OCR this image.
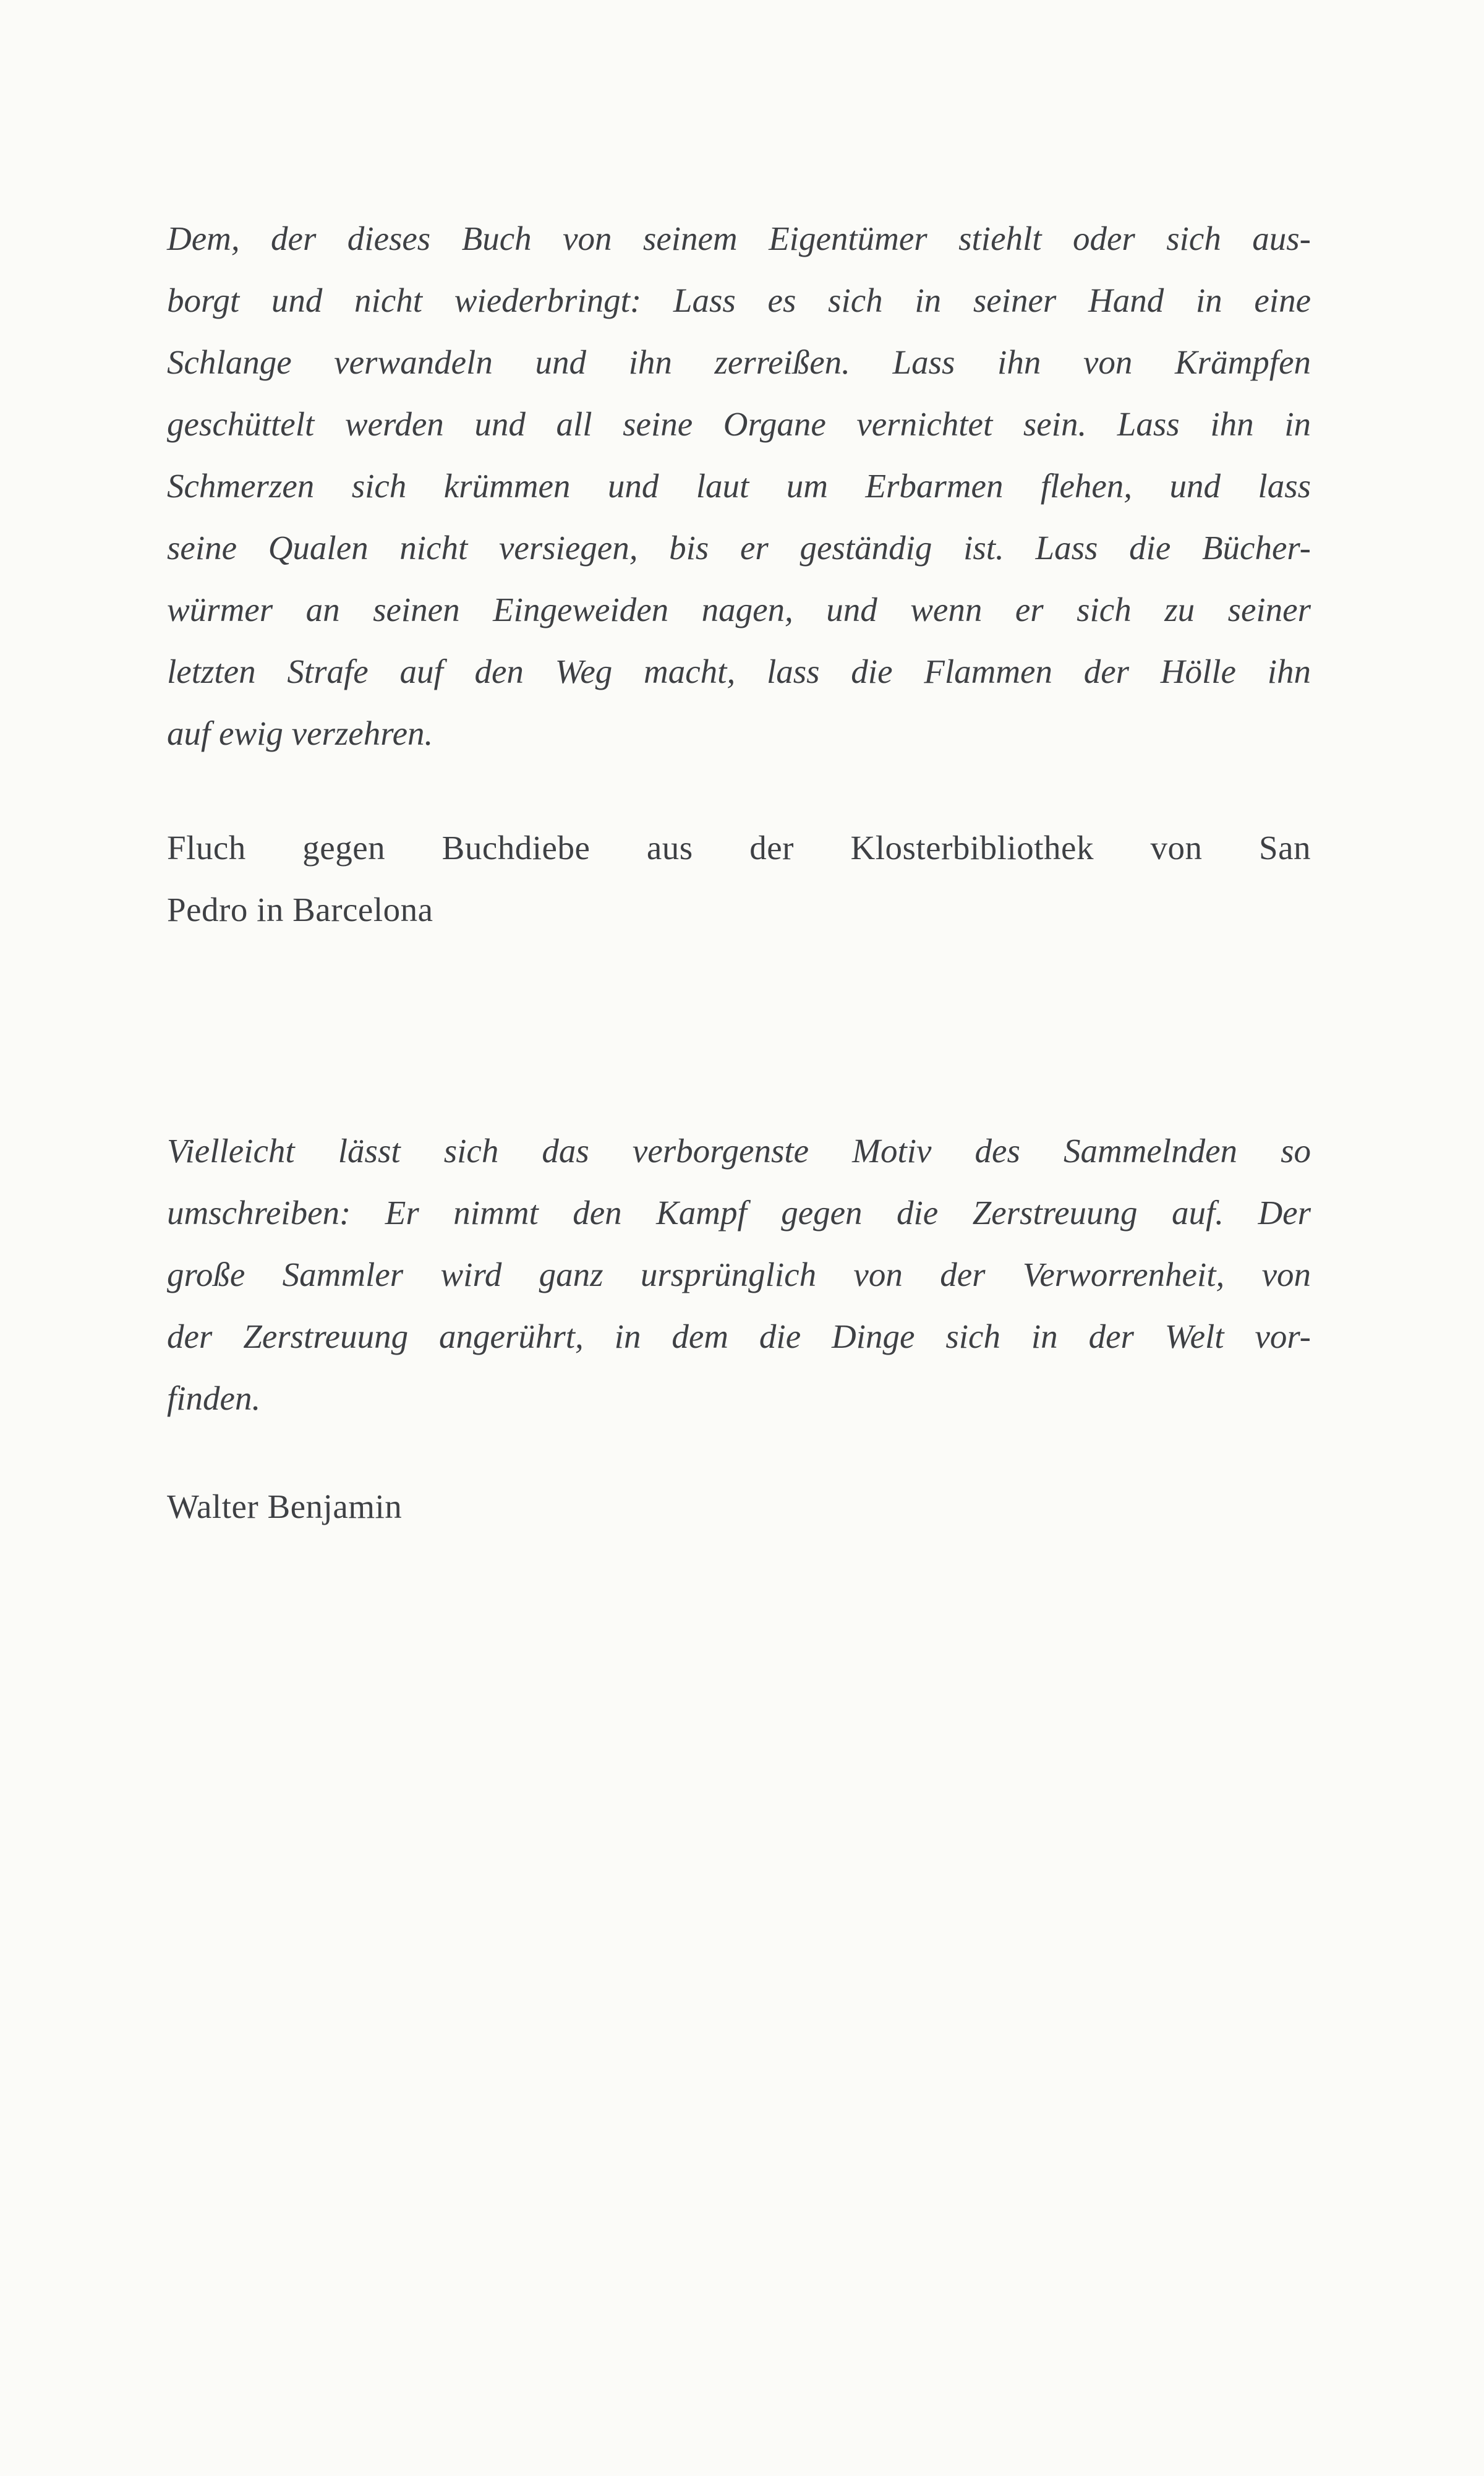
Dem, der dieses Buch von seinem Eigentümer stiehlt oder sich aus-
borgt und nicht wiederbringt: Lass es sich in seiner Hand in eine
Schlange verwandeln und ihn zerreißen. Lass ihn von Krämpfen
geschüttelt werden und all seine Organe vernichtet sein. Lass ihn in
Schmerzen sich krümmen und laut um Erbarmen flehen, und lass
seine Qualen nicht versiegen, bis er geständig ist. Lass die Bücher-
würmer an seinen Eingeweiden nagen, und wenn er sich zu seiner
letzten Strafe auf den Weg macht, lass die Flammen der Hölle ihn
auf ewig verzehren.
Fluch gegen Buchdiebe aus der Klosterbibliothek von San
Pedro in Barcelona
Vielleicht lässt sich das verborgenste Motiv des Sammelnden so
umschreiben: Er nimmt den Kampf gegen die Zerstreuung auf. Der
große Sammler wird ganz ursprünglich von der Verworrenheit, von
der Zerstreuung angerührt, in dem die Dinge sich in der Welt vor-
finden.
Walter Benjamin
